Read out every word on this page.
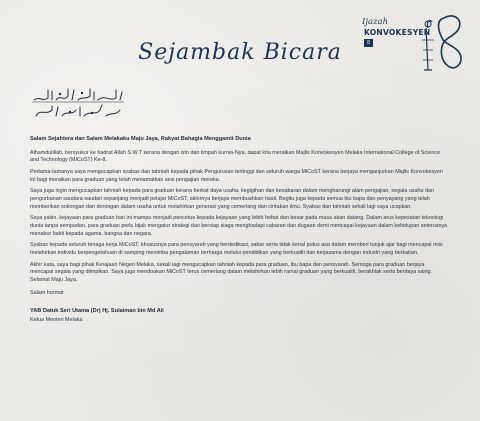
Ijazah
KONVOKESYEN
8
Sejambak Bicara

Salam Sejahtera dan Salam Melakaku Maju Jaya, Rakyat Bahagia Menggamit Dunia

Alhamdulillah, bersyukur ke hadrat Allah S.W.T kerana dengan izin dan limpah kurnia-Nya, dapat kita meraikan Majlis Konvokesyen Melaka International College of Science and Technology (MICoST) Ke-8.

Pertama-tamanya saya mengucapkan syabas dan tahniah kepada pihak Pengurusan tertinggi dan seluruh warga MiCoST kerana berjaya menganjurkan Majlis Konvokesyen ini bagi meraikan para graduan yang telah menamatkan sesi pengajian mereka.

Saya juga ingin mengucapkan tahniah kepada para graduan kerana berkat daya usaha, kegigihan dan kesabaran dalam mengharungi alam pengajian, segala usaha dan pengorbanan saudara saudari sepanjang menjadi pelajar MiCoST, akhirnya berjaya membuahkan hasil. Begitu juga kepada semua ibu bapa dan penyayang yang telah memberikan sokongan dan dorongan dalam usaha untuk melahirkan generasi yang cemerlang dan cintakan ilmu. Syabas dan tahniah sekali lagi saya ucapkan.

Saya yakin, kejayaan para graduan hari ini mampu menjadi pencetus kepada kejayaan yang lebih hebat dan besar pada masa akan datang. Dalam arus kepesatan teknologi dunia tanpa sempadan, para graduan perlu bijak mengatur strategi dan bersiap siaga menghadapi cabaran dan dugaan demi mencapai kejayaan dalam kehidupan seterusnya menabur bakti kepada agama, bangsa dan negara.

Syabas kepada seluruh tenaga kerja MiCoST, khususnya para pensyarah yang berdedikasi, sabar serta tidak kenal putus asa dalam memberi tunjuk ajar bagi mencapai misi melahirkan individu berpengetahuan di samping menimba pengalaman berharga melalui pendidikan yang berkualiti dan kerjasama dengan industri yang berkaitan.

Akhir kata, saya bagi pihak Kerajaan Negeri Melaka, sekali lagi mengucapkan tahniah kepada para graduan, ibu bapa dan pensyarah. Semoga para graduan berjaya mencapai segala yang diimpikan. Saya juga mendoakan MiCoST terus cemerlang dalam melahirkan lebih ramai graduan yang berkualiti, berakhlak serta berdaya saing. Selamat Maju Jaya.

Salam hormat

YAB Datuk Seri Utama (Dr) Hj. Sulaiman bin Md Ali

Ketua Menteri Melaka
